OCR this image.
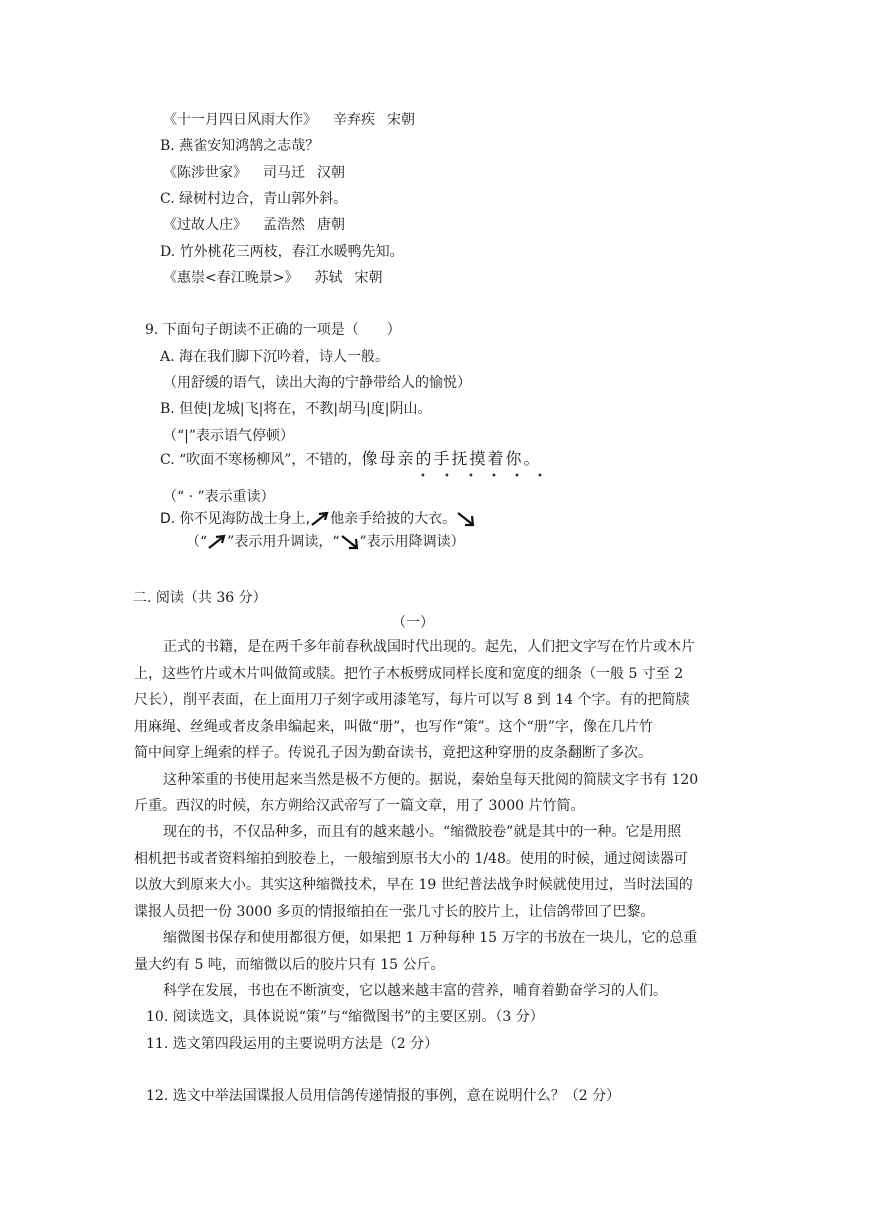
《十一月四日风雨大作》 辛弃疾 宋朝
B. 燕雀安知鸿鹄之志哉？
《陈涉世家》 司马迁 汉朝
C. 绿树村边合，青山郭外斜。
《过故人庄》 孟浩然 唐朝
D. 竹外桃花三两枝，春江水暖鸭先知。
《惠崇<春江晚景>》 苏轼 宋朝
9. 下面句子朗读不正确的一项是（　　）
A. 海在我们脚下沉吟着，诗人一般。
（用舒缓的语气，读出大海的宁静带给人的愉悦）
B. 但使|龙城|飞|将在，不教|胡马|度|阴山。
（“|”表示语气停顿）
C. “吹面不寒杨柳风”，不错的，像母亲的手抚摸着你。
• • • • • •
（“ · ”表示重读）
D. 你不见海防战士身上, 他亲手给披的大衣。
（“ ”表示用升调读，“ ”表示用降调读）
二. 阅读（共 36 分）
（一）
正式的书籍，是在两千多年前春秋战国时代出现的。起先，人们把文字写在竹片或木片
上，这些竹片或木片叫做简或牍。把竹子木板劈成同样长度和宽度的细条（一般 5 寸至 2
尺长），削平表面，在上面用刀子刻字或用漆笔写，每片可以写 8 到 14 个字。有的把简牍
用麻绳、丝绳或者皮条串编起来，叫做“册”，也写作“策”。这个“册”字，像在几片竹
简中间穿上绳索的样子。传说孔子因为勤奋读书，竟把这种穿册的皮条翻断了多次。
这种笨重的书使用起来当然是极不方便的。据说，秦始皇每天批阅的简牍文字书有 120
斤重。西汉的时候，东方朔给汉武帝写了一篇文章，用了 3000 片竹简。
现在的书，不仅品种多，而且有的越来越小。“缩微胶卷”就是其中的一种。它是用照
相机把书或者资料缩拍到胶卷上，一般缩到原书大小的 1/48。使用的时候，通过阅读器可
以放大到原来大小。其实这种缩微技术，早在 19 世纪普法战争时候就使用过，当时法国的
谍报人员把一份 3000 多页的情报缩拍在一张几寸长的胶片上，让信鸽带回了巴黎。
缩微图书保存和使用都很方便，如果把 1 万种每种 15 万字的书放在一块儿，它的总重
量大约有 5 吨，而缩微以后的胶片只有 15 公斤。
科学在发展，书也在不断演变，它以越来越丰富的营养，哺育着勤奋学习的人们。
10. 阅读选文，具体说说“策”与“缩微图书”的主要区别。（3 分）
11. 选文第四段运用的主要说明方法是（2 分）
12. 选文中举法国谍报人员用信鸽传递情报的事例，意在说明什么？（2 分）
